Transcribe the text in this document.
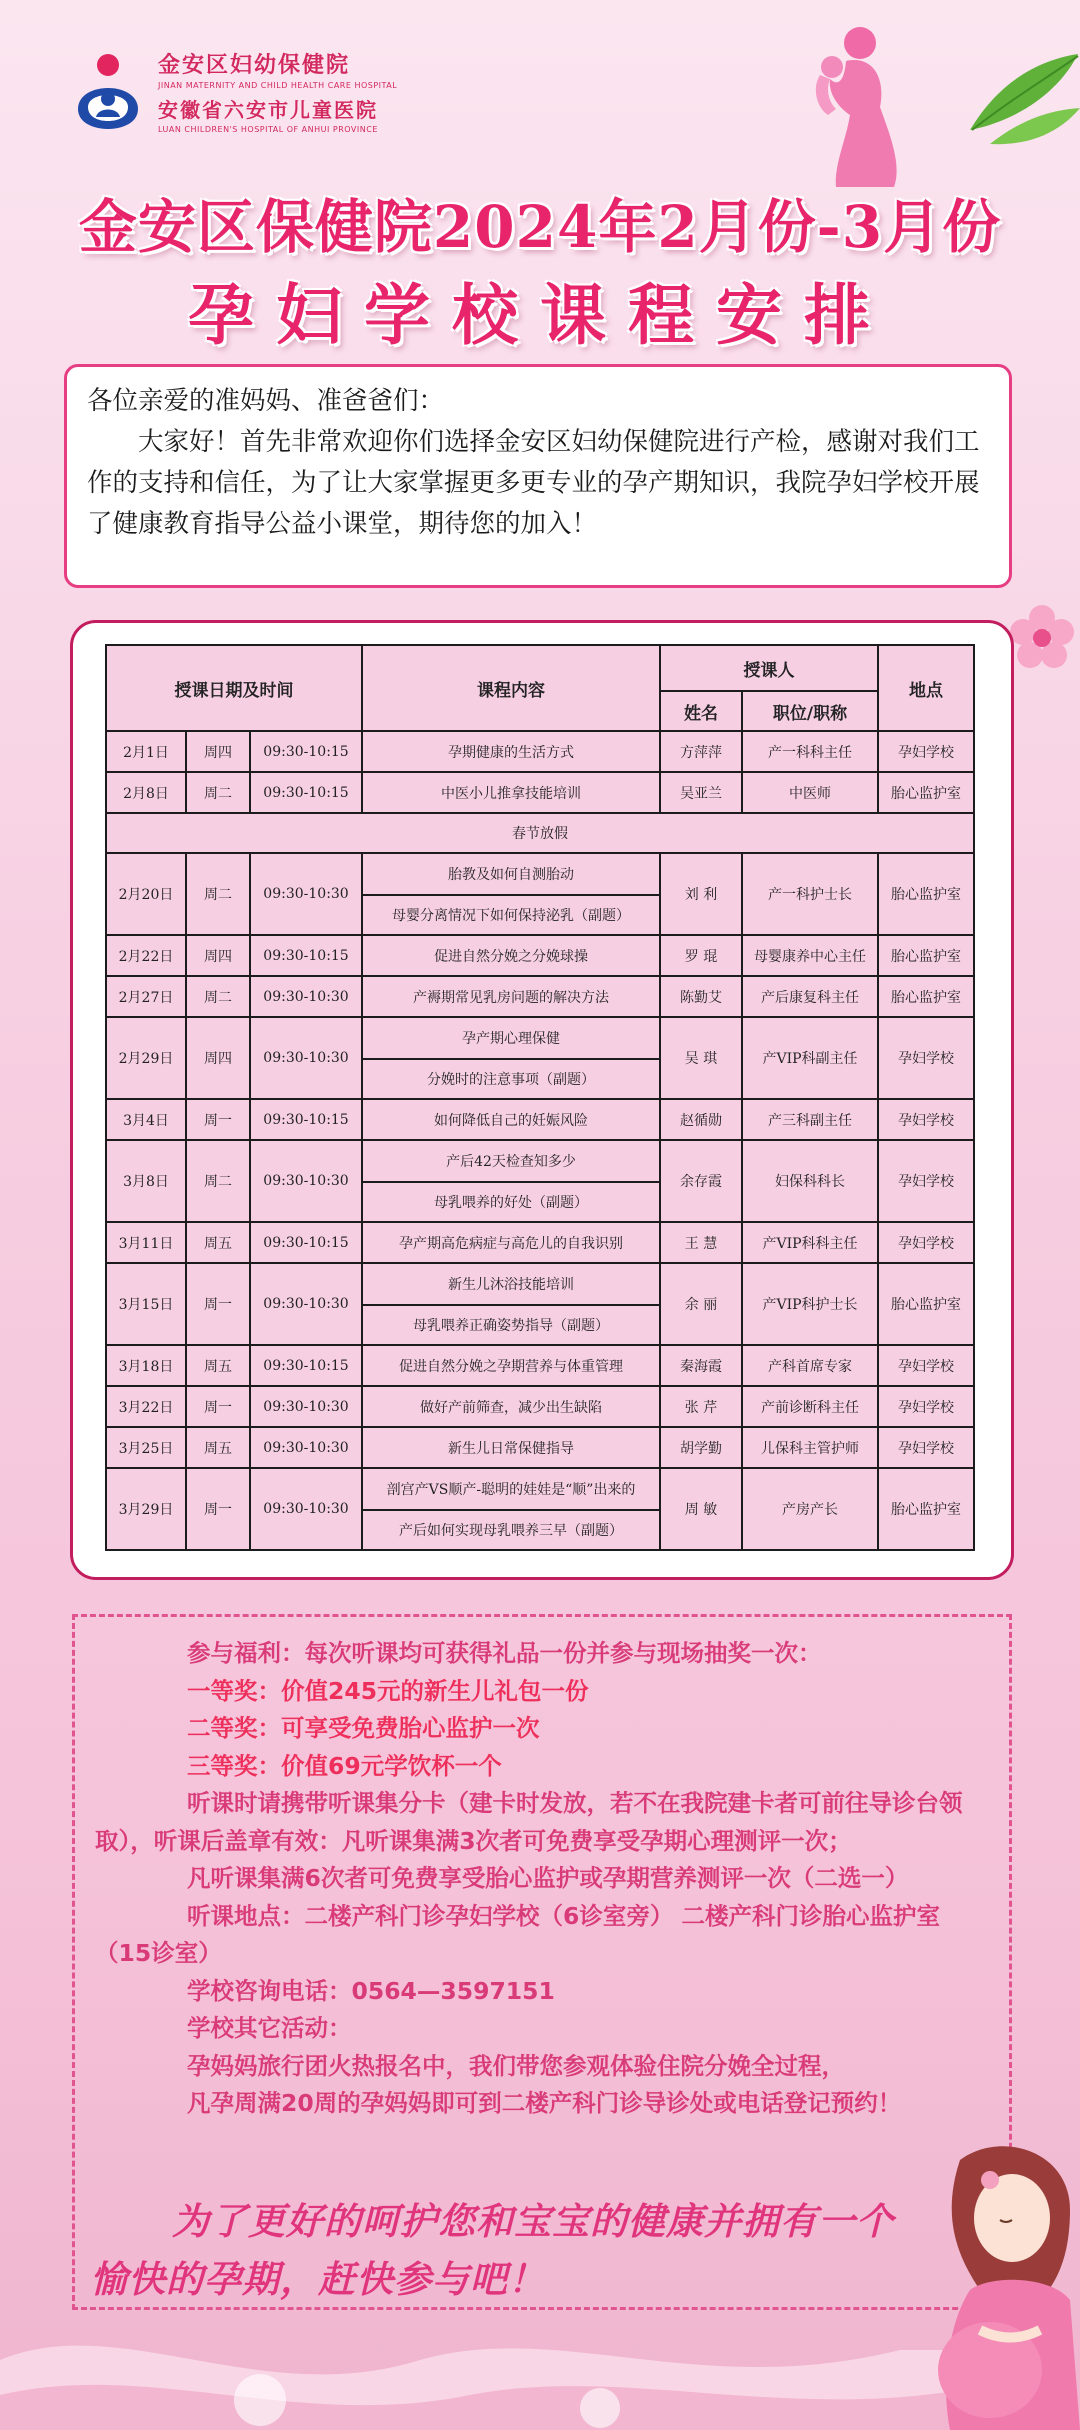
金安区妇幼保健院
JINAN MATERNITY AND CHILD HEALTH CARE HOSPITAL
安徽省六安市儿童医院
LUAN CHILDREN'S HOSPITAL OF ANHUI PROVINCE
金安区保健院2024年2月份-3月份
孕妇学校课程安排

各位亲爱的准妈妈、准爸爸们：

大家好！首先非常欢迎你们选择金安区妇幼保健院进行产检，感谢对我们工作的支持和信任，为了让大家掌握更多更专业的孕产期知识，我院孕妇学校开展了健康教育指导公益小课堂，期待您的加入！

授课日期及时间			课程内容	授课人		地点
				姓名	职位/职称	
2月1日	周四	09:30-10:15	孕期健康的生活方式	方萍萍	产一科科主任	孕妇学校
2月8日	周二	09:30-10:15	中医小儿推拿技能培训	吴亚兰	中医师	胎心监护室
春节放假						
2月20日	周二	09:30-10:30	胎教及如何自测胎动	刘 利	产一科护士长	胎心监护室
			母婴分离情况下如何保持泌乳（副题）			
2月22日	周四	09:30-10:15	促进自然分娩之分娩球操	罗 琨	母婴康养中心主任	胎心监护室
2月27日	周二	09:30-10:30	产褥期常见乳房问题的解决方法	陈勤艾	产后康复科主任	胎心监护室
2月29日	周四	09:30-10:30	孕产期心理保健	吴 琪	产VIP科副主任	孕妇学校
			分娩时的注意事项（副题）			
3月4日	周一	09:30-10:15	如何降低自己的妊娠风险	赵循勋	产三科副主任	孕妇学校
3月8日	周二	09:30-10:30	产后42天检查知多少	余存霞	妇保科科长	孕妇学校
			母乳喂养的好处（副题）			
3月11日	周五	09:30-10:15	孕产期高危病症与高危儿的自我识别	王 慧	产VIP科科主任	孕妇学校
3月15日	周一	09:30-10:30	新生儿沐浴技能培训	余 丽	产VIP科护士长	胎心监护室
			母乳喂养正确姿势指导（副题）			
3月18日	周五	09:30-10:15	促进自然分娩之孕期营养与体重管理	秦海霞	产科首席专家	孕妇学校
3月22日	周一	09:30-10:30	做好产前筛查，减少出生缺陷	张 芹	产前诊断科主任	孕妇学校
3月25日	周五	09:30-10:30	新生儿日常保健指导	胡学勤	儿保科主管护师	孕妇学校
3月29日	周一	09:30-10:30	剖宫产VS顺产-聪明的娃娃是“顺”出来的	周 敏	产房产长	胎心监护室
			产后如何实现母乳喂养三早（副题）			
参与福利：每次听课均可获得礼品一份并参与现场抽奖一次：
一等奖：价值245元的新生儿礼包一份
二等奖：可享受免费胎心监护一次
三等奖：价值69元学饮杯一个
听课时请携带听课集分卡（建卡时发放，若不在我院建卡者可前往导诊台领取），听课后盖章有效：凡听课集满3次者可免费享受孕期心理测评一次；
凡听课集满6次者可免费享受胎心监护或孕期营养测评一次（二选一）
听课地点：二楼产科门诊孕妇学校（6诊室旁） 二楼产科门诊胎心监护室（15诊室）
学校咨询电话：0564—3597151
学校其它活动：
孕妈妈旅行团火热报名中，我们带您参观体验住院分娩全过程，
凡孕周满20周的孕妈妈即可到二楼产科门诊导诊处或电话登记预约！
为了更好的呵护您和宝宝的健康并拥有一个
愉快的孕期，赶快参与吧！
